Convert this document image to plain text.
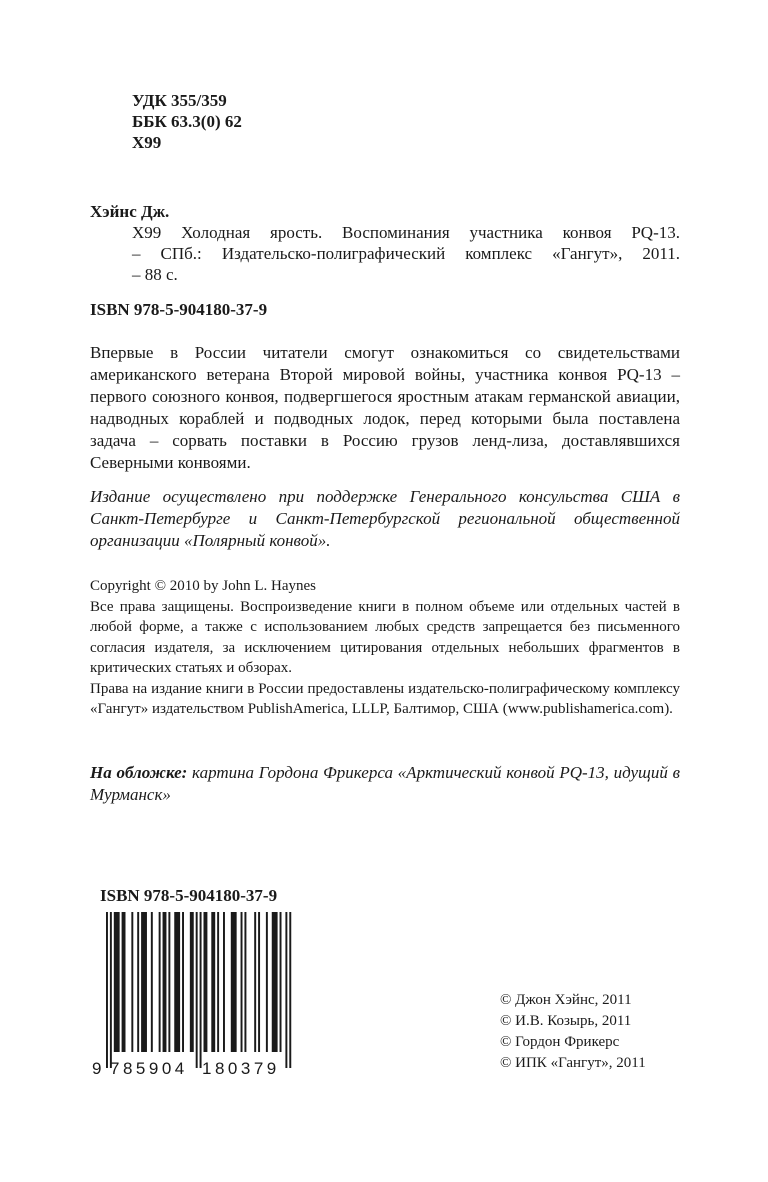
УДК 355/359
ББК 63.3(0) 62
Х99
Хэйнс Дж.
Х99 Холодная ярость. Воспоминания участника конвоя PQ-13.
– СПб.: Издательско-полиграфический комплекс «Гангут», 2011.
– 88 с.
ISBN 978-5-904180-37-9

Впервые в России читатели смогут ознакомиться со свидетельствами американского ветерана Второй мировой войны, участника конвоя PQ-13 – первого союзного конвоя, подвергшегося яростным атакам германской авиации, надводных кораблей и подводных лодок, перед которыми была поставлена задача – сорвать поставки в Россию грузов ленд-лиза, доставлявшихся Северными конвоями.

Издание осуществлено при поддержке Генерального консульства США в Санкт-Петербурге и Санкт-Петербургской региональной общественной организации «Полярный конвой».

Copyright © 2010 by John L. Haynes

Все права защищены. Воспроизведение книги в полном объеме или отдельных частей в любой форме, а также с использованием любых средств запрещается без письменного согласия издателя, за исключением цитирования отдельных небольших фрагментов в критических статьях и обзорах.

Права на издание книги в России предоставлены издательско-полиграфическому комплексу «Гангут» издательством PublishAmerica, LLLP, Балтимор, США (www.publishamerica.com).

На обложке: картина Гордона Фрикерса «Арктический конвой PQ-13, идущий в Мурманск»
ISBN 978-5-904180-37-9
9 785904 180379
© Джон Хэйнс, 2011
© И.В. Козырь, 2011
© Гордон Фрикерс
© ИПК «Гангут», 2011
